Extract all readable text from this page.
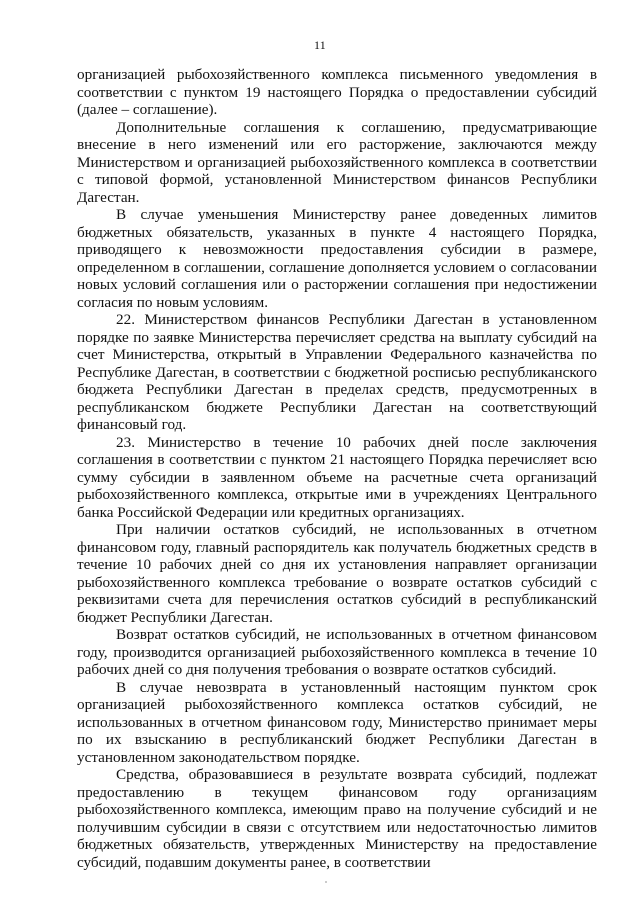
11

организацией рыбохозяйственного комплекса письменного уведомления в соответствии с пунктом 19 настоящего Порядка о предоставлении субсидий (далее – соглашение).

Дополнительные соглашения к соглашению, предусматривающие внесение в него изменений или его расторжение, заключаются между Министерством и организацией рыбохозяйственного комплекса в соответствии с типовой формой, установленной Министерством финансов Республики Дагестан.

В случае уменьшения Министерству ранее доведенных лимитов бюджетных обязательств, указанных в пункте 4 настоящего Порядка, приводящего к невозможности предоставления субсидии в размере, определенном в соглашении, соглашение дополняется условием о согласовании новых условий соглашения или о расторжении соглашения при недостижении согласия по новым условиям.

22. Министерством финансов Республики Дагестан в установленном порядке по заявке Министерства перечисляет средства на выплату субсидий на счет Министерства, открытый в Управлении Федерального казначейства по Республике Дагестан, в соответствии с бюджетной росписью республиканского бюджета Республики Дагестан в пределах средств, предусмотренных в республиканском бюджете Республики Дагестан на соответствующий финансовый год.

23. Министерство в течение 10 рабочих дней после заключения соглашения в соответствии с пунктом 21 настоящего Порядка перечисляет всю сумму субсидии в заявленном объеме на расчетные счета организаций рыбохозяйственного комплекса, открытые ими в учреждениях Центрального банка Российской Федерации или кредитных организациях.

При наличии остатков субсидий, не использованных в отчетном финансовом году, главный распорядитель как получатель бюджетных средств в течение 10 рабочих дней со дня их установления направляет организации рыбохозяйственного комплекса требование о возврате остатков субсидий с реквизитами счета для перечисления остатков субсидий в республиканский бюджет Республики Дагестан.

Возврат остатков субсидий, не использованных в отчетном финансовом году, производится организацией рыбохозяйственного комплекса в течение 10 рабочих дней со дня получения требования о возврате остатков субсидий.

В случае невозврата в установленный настоящим пунктом срок организацией рыбохозяйственного комплекса остатков субсидий, не использованных в отчетном финансовом году, Министерство принимает меры по их взысканию в республиканский бюджет Республики Дагестан в установленном законодательством порядке.

Средства, образовавшиеся в результате возврата субсидий, подлежат предоставлению в текущем финансовом году организациям рыбохозяйственного комплекса, имеющим право на получение субсидий и не получившим субсидии в связи с отсутствием или недостаточностью лимитов бюджетных обязательств, утвержденных Министерству на предоставление субсидий, подавшим документы ранее, в соответствии
